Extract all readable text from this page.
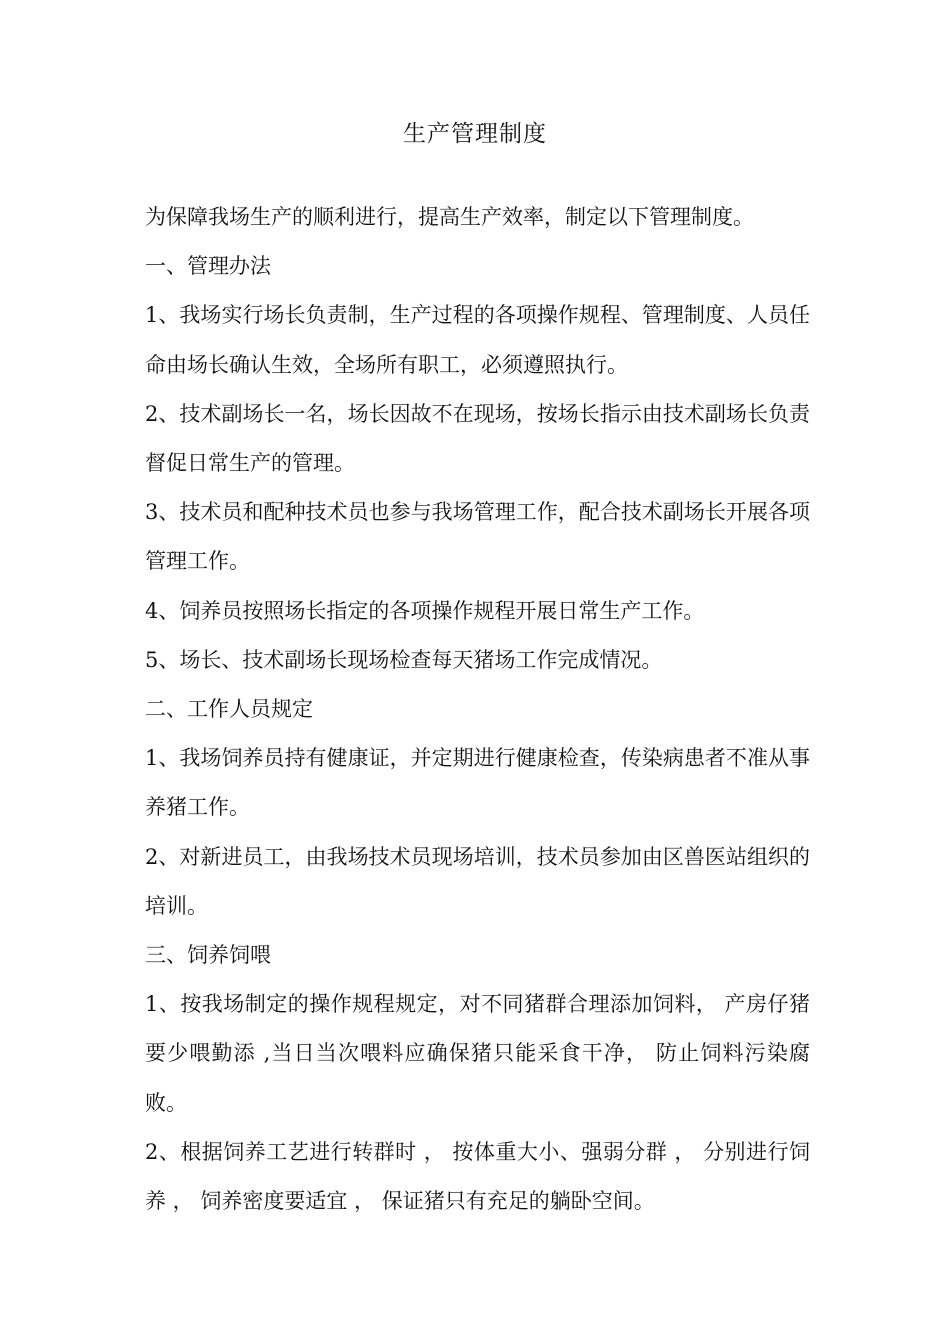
生产管理制度

为保障我场生产的顺利进行，提高生产效率，制定以下管理制度。

一、管理办法

1、我场实行场长负责制，生产过程的各项操作规程、管理制度、人员任命由场长确认生效，全场所有职工，必须遵照执行。

2、技术副场长一名，场长因故不在现场，按场长指示由技术副场长负责督促日常生产的管理。

3、技术员和配种技术员也参与我场管理工作，配合技术副场长开展各项管理工作。

4、饲养员按照场长指定的各项操作规程开展日常生产工作。

5、场长、技术副场长现场检查每天猪场工作完成情况。

二、工作人员规定

1、我场饲养员持有健康证，并定期进行健康检查，传染病患者不准从事养猪工作。

2、对新进员工，由我场技术员现场培训，技术员参加由区兽医站组织的培训。

三、饲养饲喂

1、按我场制定的操作规程规定，对不同猪群合理添加饲料， 产房仔猪要少喂勤添 ,当日当次喂料应确保猪只能采食干净， 防止饲料污染腐败。

2、根据饲养工艺进行转群时 ， 按体重大小、强弱分群 ， 分别进行饲养 ， 饲养密度要适宜 ， 保证猪只有充足的躺卧空间。
